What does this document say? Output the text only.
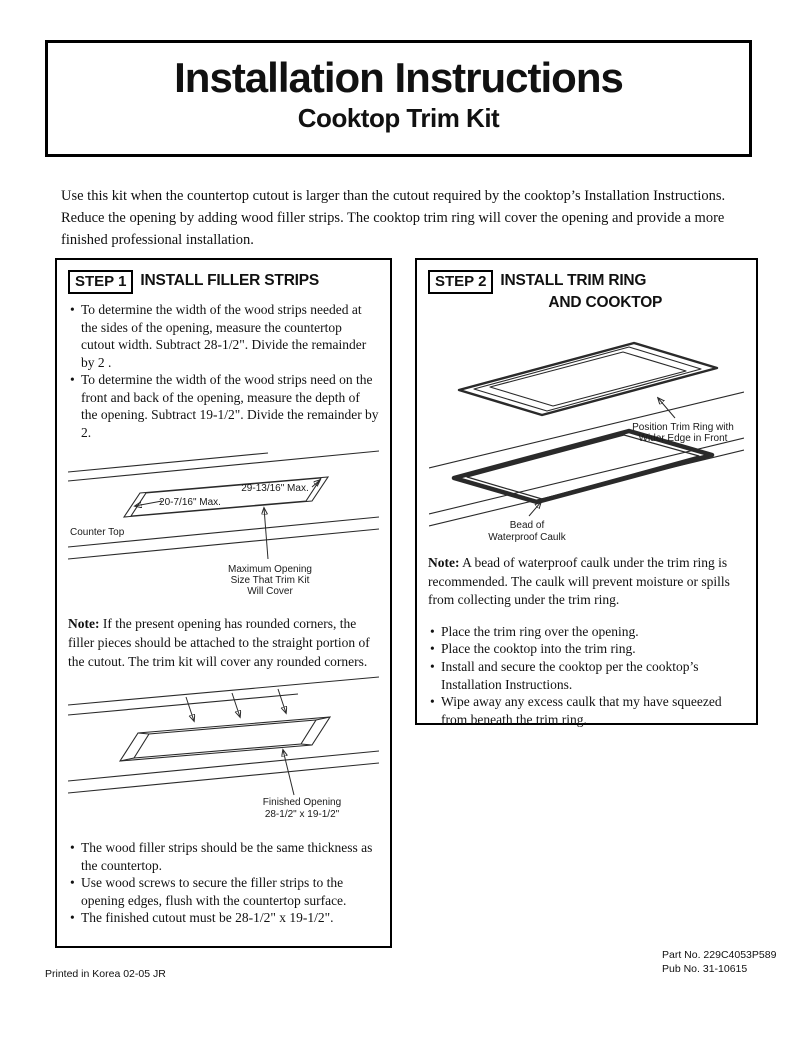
Installation Instructions
Cooktop Trim Kit

Use this kit when the countertop cutout is larger than the cutout required by the cooktop’s Installation Instructions. Reduce the opening by adding wood filler strips. The cooktop trim ring will cover the opening and provide a more finished professional installation.

STEP 1 INSTALL FILLER STRIPS
• To determine the width of the wood strips needed at the sides of the opening, measure the countertop cutout width. Subtract 28-1/2". Divide the remainder by 2 .
• To determine the width of the wood strips need on the front and back of the opening, measure the depth of the opening. Subtract 19-1/2". Divide the remainder by 2.
20-7/16" Max.
29-13/16" Max.
Counter Top
Maximum Opening
Size That Trim Kit
Will Cover

Note: If the present opening has rounded corners, the filler pieces should be attached to the straight portion of the cutout. The trim kit will cover any rounded corners.

Finished Opening
28-1/2" x 19-1/2"
• The wood filler strips should be the same thickness as the countertop.
• Use wood screws to secure the filler strips to the opening edges, flush with the countertop surface.
• The finished cutout must be 28-1/2" x 19-1/2".
STEP 2 INSTALL TRIM RING
AND COOKTOP
Position Trim Ring with
Wider Edge in Front
Bead of
Waterproof Caulk

Note: A bead of waterproof caulk under the trim ring is recommended. The caulk will prevent moisture or spills from collecting under the trim ring.

• Place the trim ring over the opening.
• Place the cooktop into the trim ring.
• Install and secure the cooktop per the cooktop’s Installation Instructions.
• Wipe away any excess caulk that my have squeezed from beneath the trim ring.
Printed in Korea 02-05 JR
Part No. 229C4053P589
Pub No. 31-10615
